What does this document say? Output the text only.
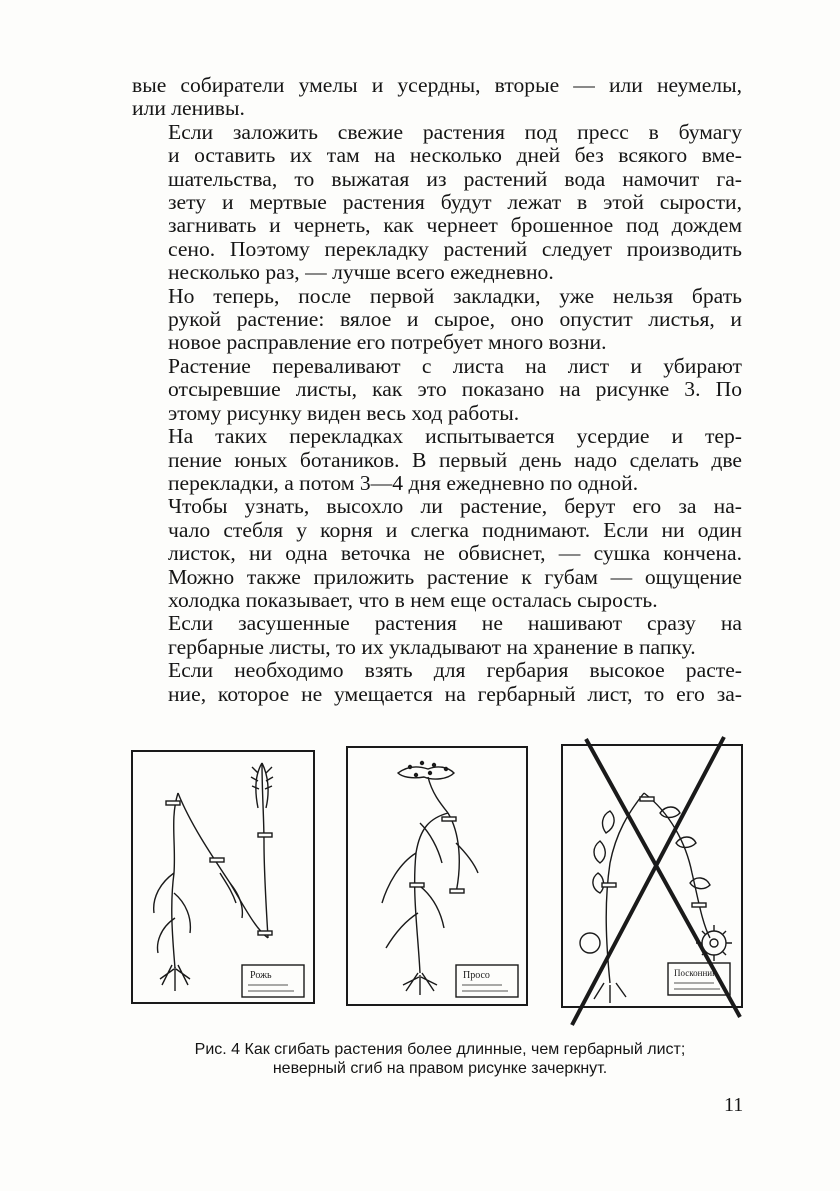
вые собиратели умелы и усердны, вторые — или неумелы,
или ленивы.

Если заложить свежие растения под пресс в бумагу
и оставить их там на несколько дней без всякого вме-
шательства, то выжатая из растений вода намочит га-
зету и мертвые растения будут лежат в этой сырости,
загнивать и чернеть, как чернеет брошенное под дождем
сено. Поэтому перекладку растений следует производить
несколько раз, — лучше всего ежедневно.

Но теперь, после первой закладки, уже нельзя брать
рукой растение: вялое и сырое, оно опустит листья, и
новое расправление его потребует много возни.

Растение переваливают с листа на лист и убирают
отсыревшие листы, как это показано на рисунке 3. По
этому рисунку виден весь ход работы.

На таких перекладках испытывается усердие и тер-
пение юных ботаников. В первый день надо сделать две
перекладки, а потом 3—4 дня ежедневно по одной.

Чтобы узнать, высохло ли растение, берут его за на-
чало стебля у корня и слегка поднимают. Если ни один
листок, ни одна веточка не обвиснет, — сушка кончена.
Можно также приложить растение к губам — ощущение
холодка показывает, что в нем еще осталась сырость.

Если засушенные растения не нашивают сразу на
гербарные листы, то их укладывают на хранение в папку.

Если необходимо взять для гербария высокое расте-
ние, которое не умещается на гербарный лист, то его за-

Рожь	Просо	Посконник
Рис. 4 Как сгибать растения более длинные, чем гербарный лист;
неверный сгиб на правом рисунке зачеркнут.
11
